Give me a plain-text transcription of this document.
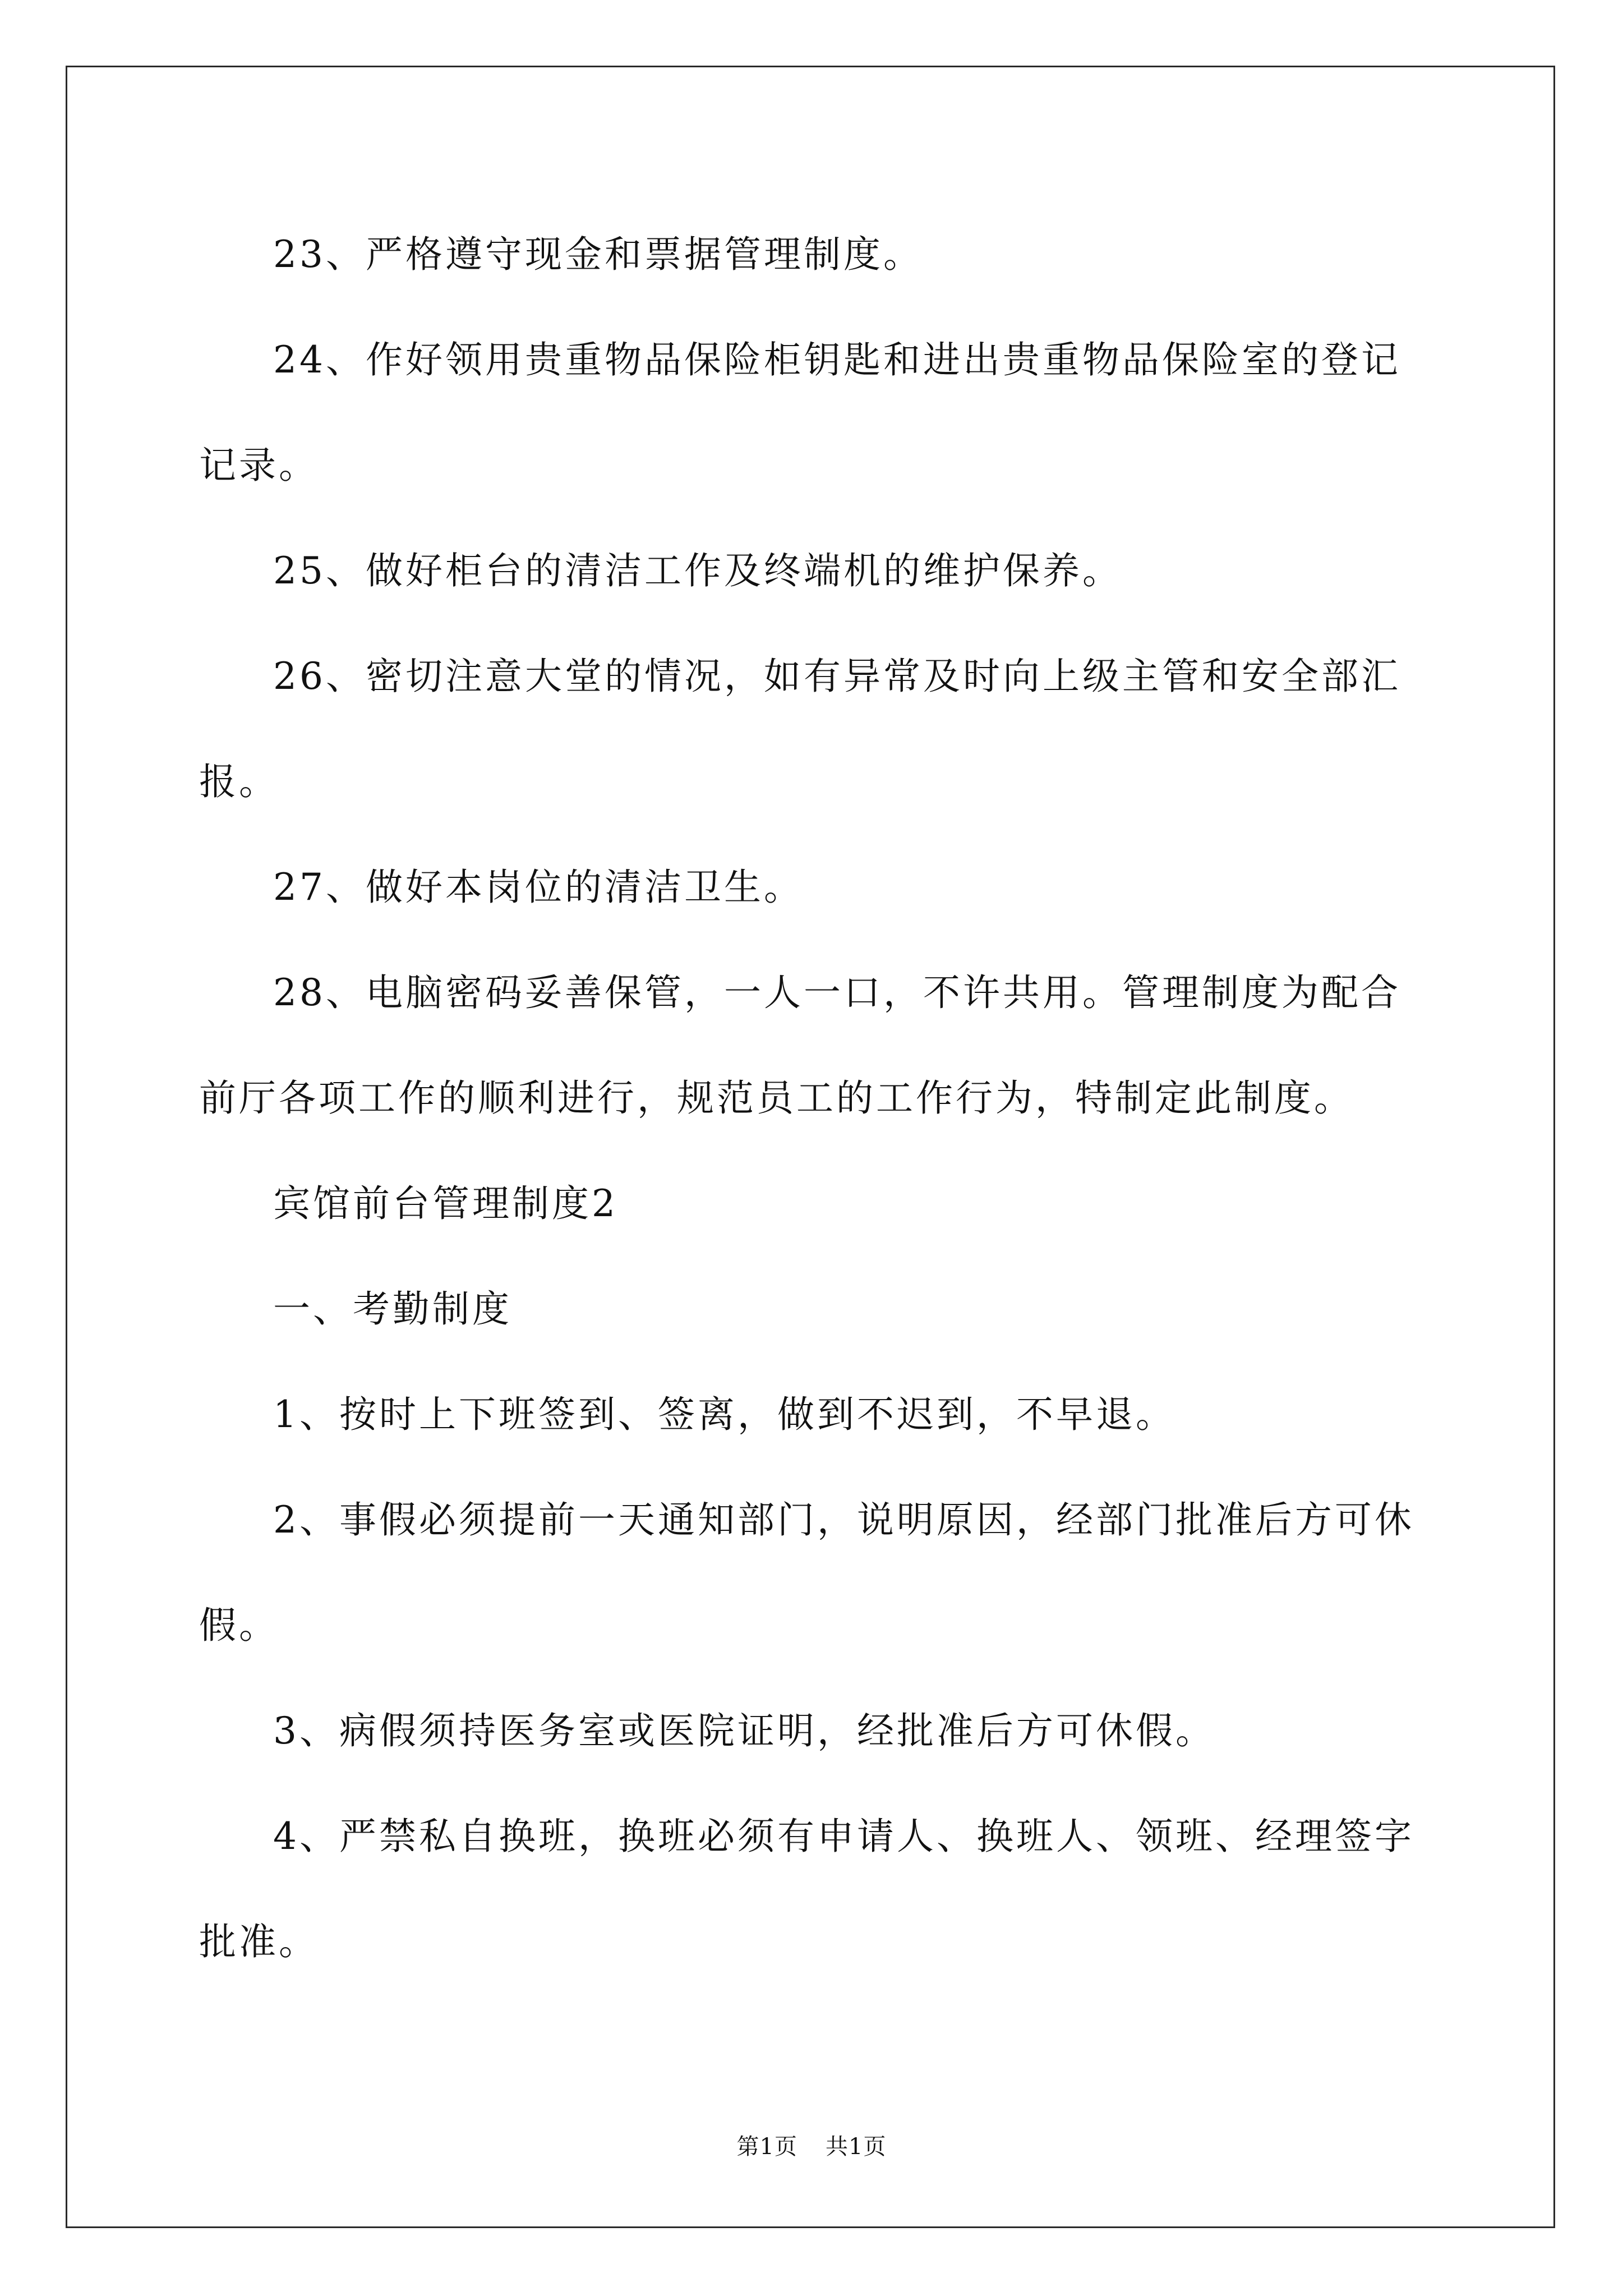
23、严格遵守现金和票据管理制度。

24、作好领用贵重物品保险柜钥匙和进出贵重物品保险室的登记记录。

25、做好柜台的清洁工作及终端机的维护保养。

26、密切注意大堂的情况，如有异常及时向上级主管和安全部汇报。

27、做好本岗位的清洁卫生。

28、电脑密码妥善保管，一人一口，不许共用。管理制度为配合前厅各项工作的顺利进行，规范员工的工作行为，特制定此制度。

宾馆前台管理制度2

一、考勤制度

1、按时上下班签到、签离，做到不迟到，不早退。

2、事假必须提前一天通知部门，说明原因，经部门批准后方可休假。

3、病假须持医务室或医院证明，经批准后方可休假。

4、严禁私自换班，换班必须有申请人、换班人、领班、经理签字批准。

第1页 共1页
